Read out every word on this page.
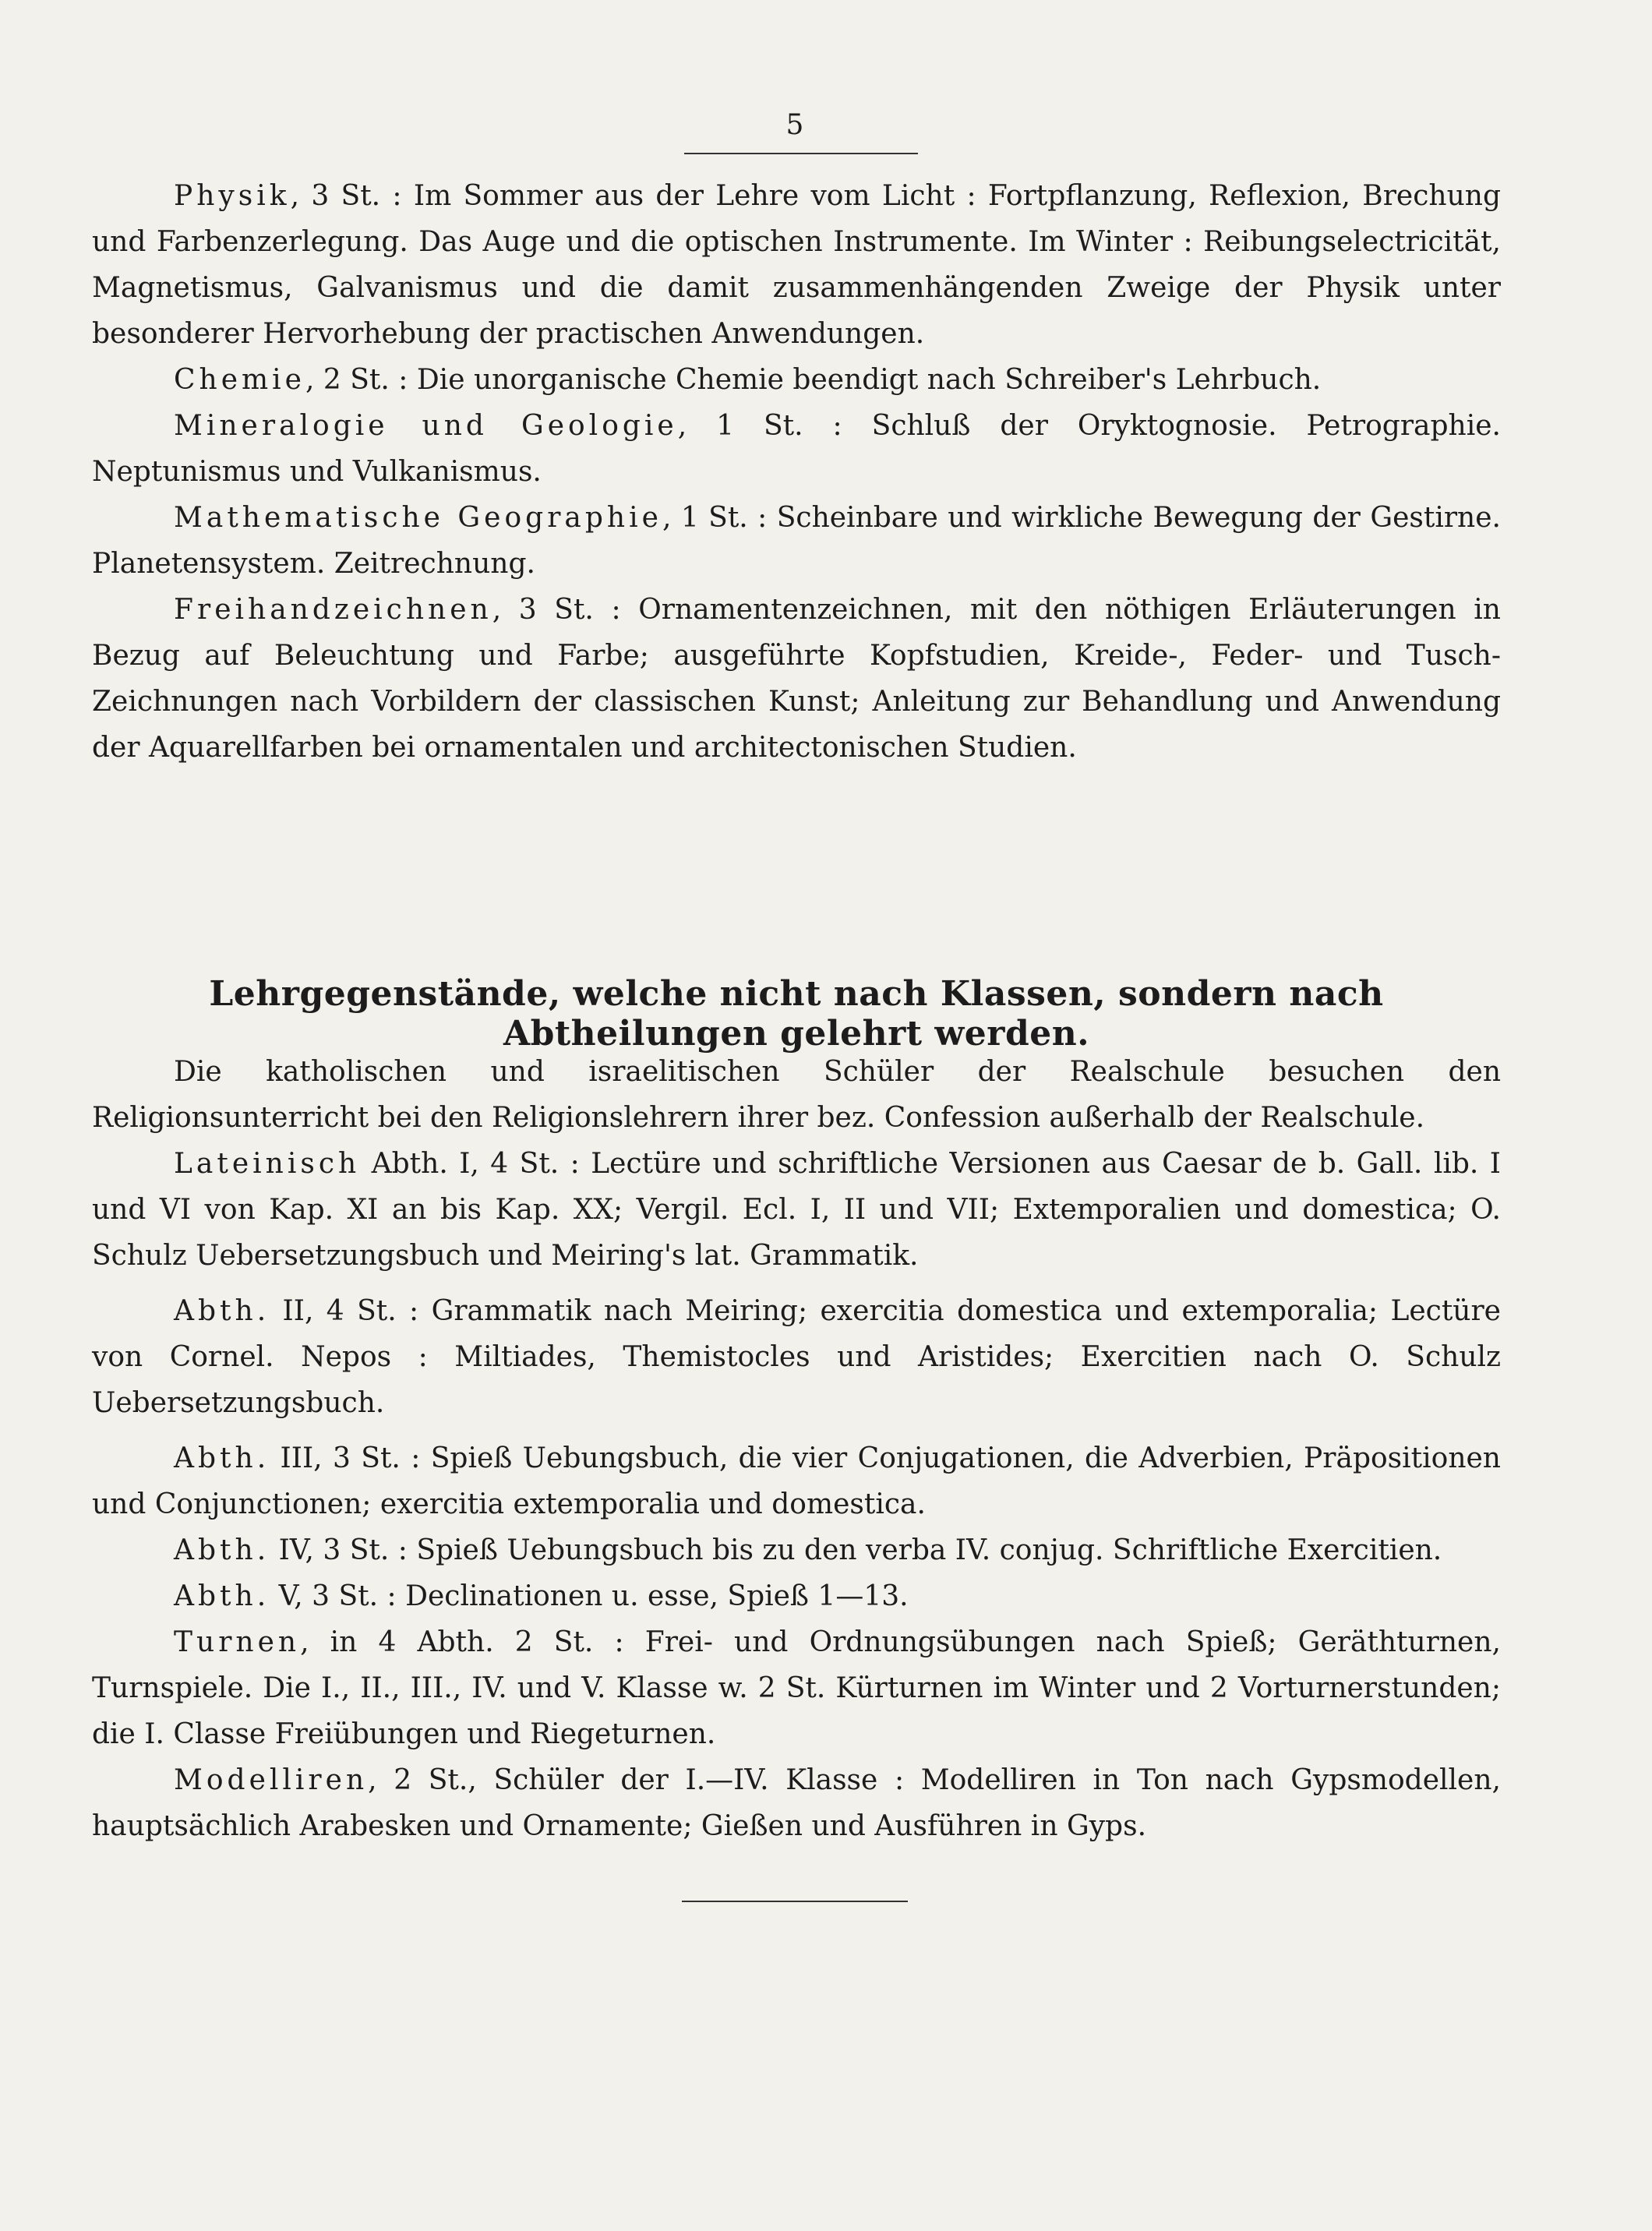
5

Physik, 3 St. : Im Sommer aus der Lehre vom Licht : Fortpflanzung, Reflexion, Brechung und Farbenzerlegung. Das Auge und die optischen Instrumente. Im Winter : Reibungselectricität, Magnetismus, Galvanismus und die damit zusammenhängenden Zweige der Physik unter besonderer Hervorhebung der practischen Anwendungen.

Chemie, 2 St. : Die unorganische Chemie beendigt nach Schreiber's Lehrbuch.

Mineralogie und Geologie, 1 St. : Schluß der Oryktognosie. Petrographie. Neptunismus und Vulkanismus.

Mathematische Geographie, 1 St. : Scheinbare und wirkliche Bewegung der Gestirne. Planetensystem. Zeitrechnung.

Freihandzeichnen, 3 St. : Ornamentenzeichnen, mit den nöthigen Erläuterungen in Bezug auf Beleuchtung und Farbe; ausgeführte Kopfstudien, Kreide-, Feder- und Tusch-Zeichnungen nach Vorbildern der classischen Kunst; Anleitung zur Behandlung und Anwendung der Aquarellfarben bei ornamentalen und architectonischen Studien.

Lehrgegenstände, welche nicht nach Klassen, sondern nach Abtheilungen gelehrt werden.

Die katholischen und israelitischen Schüler der Realschule besuchen den Religionsunterricht bei den Religionslehrern ihrer bez. Confession außerhalb der Realschule.

Lateinisch Abth. I, 4 St. : Lectüre und schriftliche Versionen aus Caesar de b. Gall. lib. I und VI von Kap. XI an bis Kap. XX; Vergil. Ecl. I, II und VII; Extemporalien und domestica; O. Schulz Uebersetzungsbuch und Meiring's lat. Grammatik.

Abth. II, 4 St. : Grammatik nach Meiring; exercitia domestica und extemporalia; Lectüre von Cornel. Nepos : Miltiades, Themistocles und Aristides; Exercitien nach O. Schulz Uebersetzungsbuch.

Abth. III, 3 St. : Spieß Uebungsbuch, die vier Conjugationen, die Adverbien, Präpositionen und Conjunctionen; exercitia extemporalia und domestica.

Abth. IV, 3 St. : Spieß Uebungsbuch bis zu den verba IV. conjug. Schriftliche Exercitien.

Abth. V, 3 St. : Declinationen u. esse, Spieß 1—13.

Turnen, in 4 Abth. 2 St. : Frei- und Ordnungsübungen nach Spieß; Geräthturnen, Turnspiele. Die I., II., III., IV. und V. Klasse w. 2 St. Kürturnen im Winter und 2 Vorturnerstunden; die I. Classe Freiübungen und Riegeturnen.

Modelliren, 2 St., Schüler der I.—IV. Klasse : Modelliren in Ton nach Gypsmodellen, hauptsächlich Arabesken und Ornamente; Gießen und Ausführen in Gyps.
